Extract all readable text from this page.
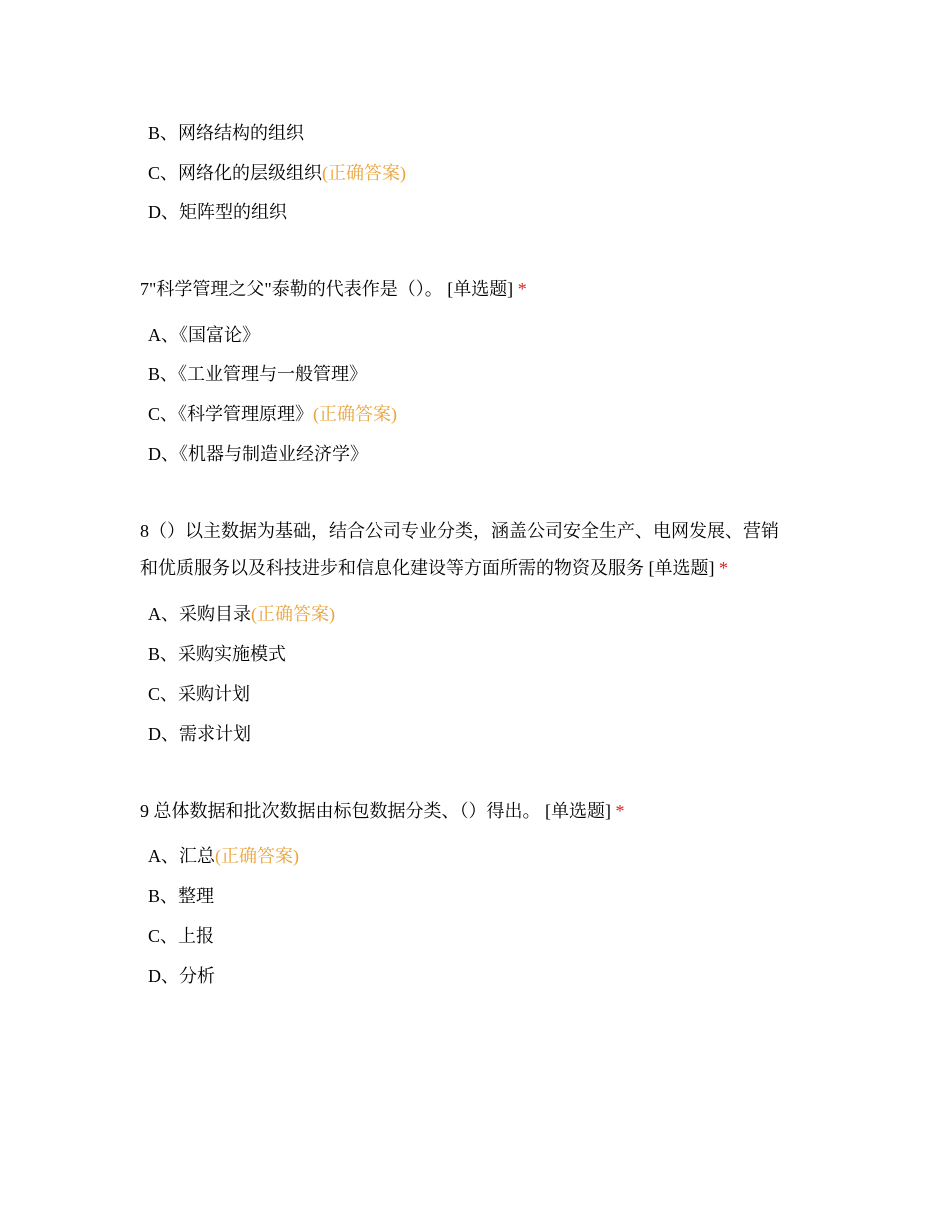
B、网络结构的组织
C、网络化的层级组织(正确答案)
D、矩阵型的组织
7"科学管理之父"泰勒的代表作是（）。 [单选题] *
A、《国富论》
B、《工业管理与一般管理》
C、《科学管理原理》(正确答案)
D、《机器与制造业经济学》
8（）以主数据为基础，结合公司专业分类，涵盖公司安全生产、电网发展、营销
和优质服务以及科技进步和信息化建设等方面所需的物资及服务 [单选题] *
A、采购目录(正确答案)
B、采购实施模式
C、采购计划
D、需求计划
9 总体数据和批次数据由标包数据分类、（）得出。 [单选题] *
A、汇总(正确答案)
B、整理
C、上报
D、分析
